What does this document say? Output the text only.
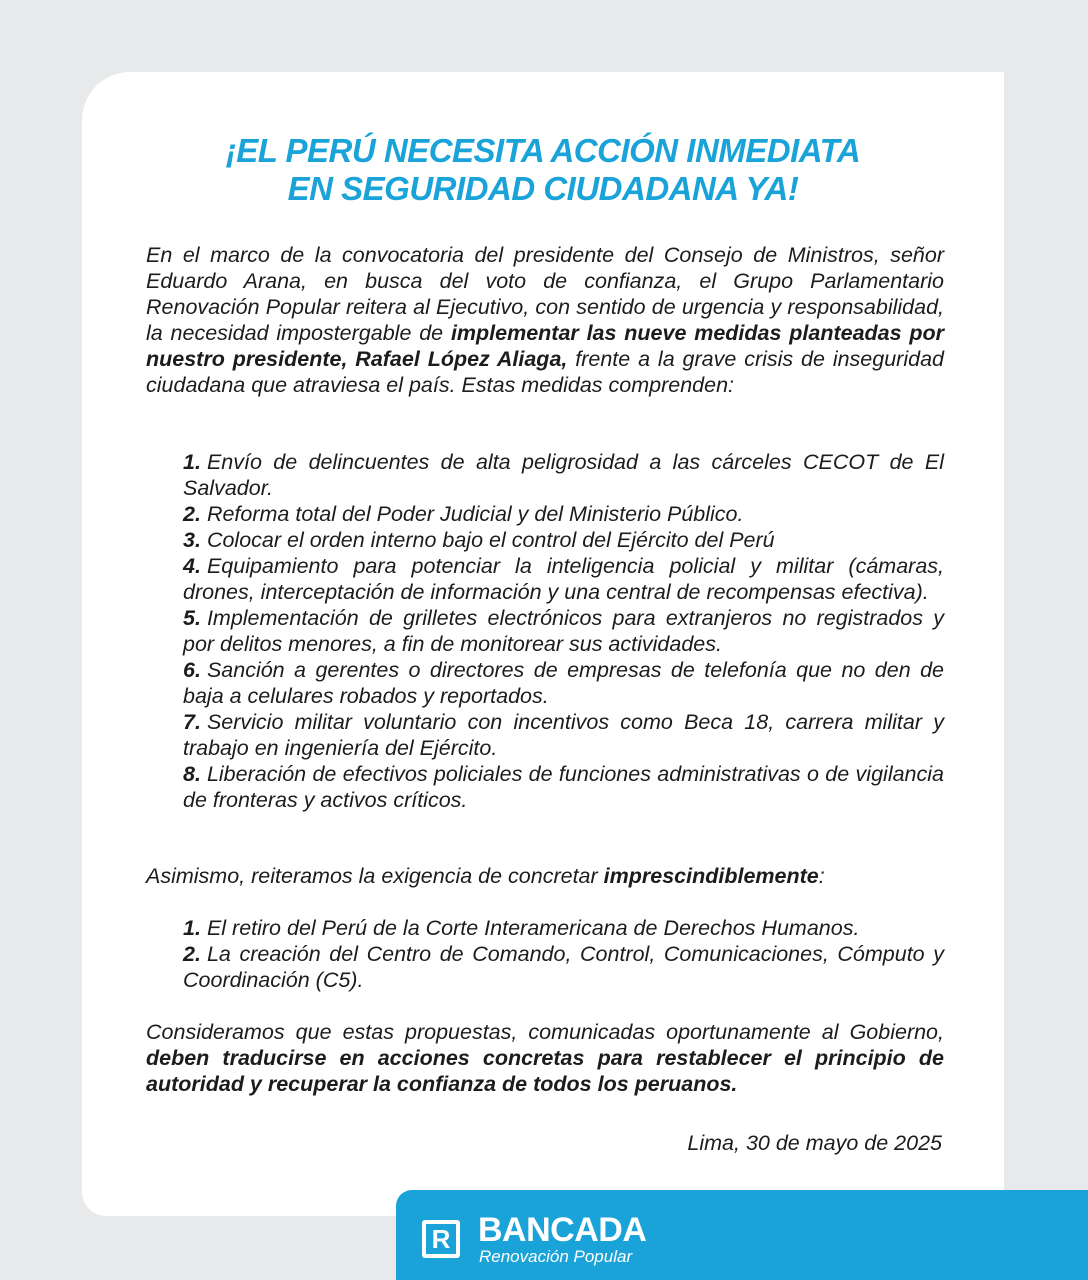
¡EL PERÚ NECESITA ACCIÓN INMEDIATA
EN SEGURIDAD CIUDADANA YA!

En el marco de la convocatoria del presidente del Consejo de Ministros, señor Eduardo Arana, en busca del voto de confianza, el Grupo Parlamentario Renovación Popular reitera al Ejecutivo, con sentido de urgencia y responsabilidad, la necesidad impostergable de implementar las nueve medidas planteadas por nuestro presidente, Rafael López Aliaga, frente a la grave crisis de inseguridad ciudadana que atraviesa el país. Estas medidas comprenden:

1. Envío de delincuentes de alta peligrosidad a las cárceles CECOT de El Salvador.
2. Reforma total del Poder Judicial y del Ministerio Público.
3. Colocar el orden interno bajo el control del Ejército del Perú
4. Equipamiento para potenciar la inteligencia policial y militar (cámaras, drones, interceptación de información y una central de recompensas efectiva).
5. Implementación de grilletes electrónicos para extranjeros no registrados y por delitos menores, a fin de monitorear sus actividades.
6. Sanción a gerentes o directores de empresas de telefonía que no den de baja a celulares robados y reportados.
7. Servicio militar voluntario con incentivos como Beca 18, carrera militar y trabajo en ingeniería del Ejército.
8. Liberación de efectivos policiales de funciones administrativas o de vigilancia de fronteras y activos críticos.

Asimismo, reiteramos la exigencia de concretar imprescindiblemente:

1. El retiro del Perú de la Corte Interamericana de Derechos Humanos.
2. La creación del Centro de Comando, Control, Comunicaciones, Cómputo y Coordinación (C5).

Consideramos que estas propuestas, comunicadas oportunamente al Gobierno, deben traducirse en acciones concretas para restablecer el principio de autoridad y recuperar la confianza de todos los peruanos.

Lima, 30 de mayo de 2025
R BANCADA
Renovación Popular
